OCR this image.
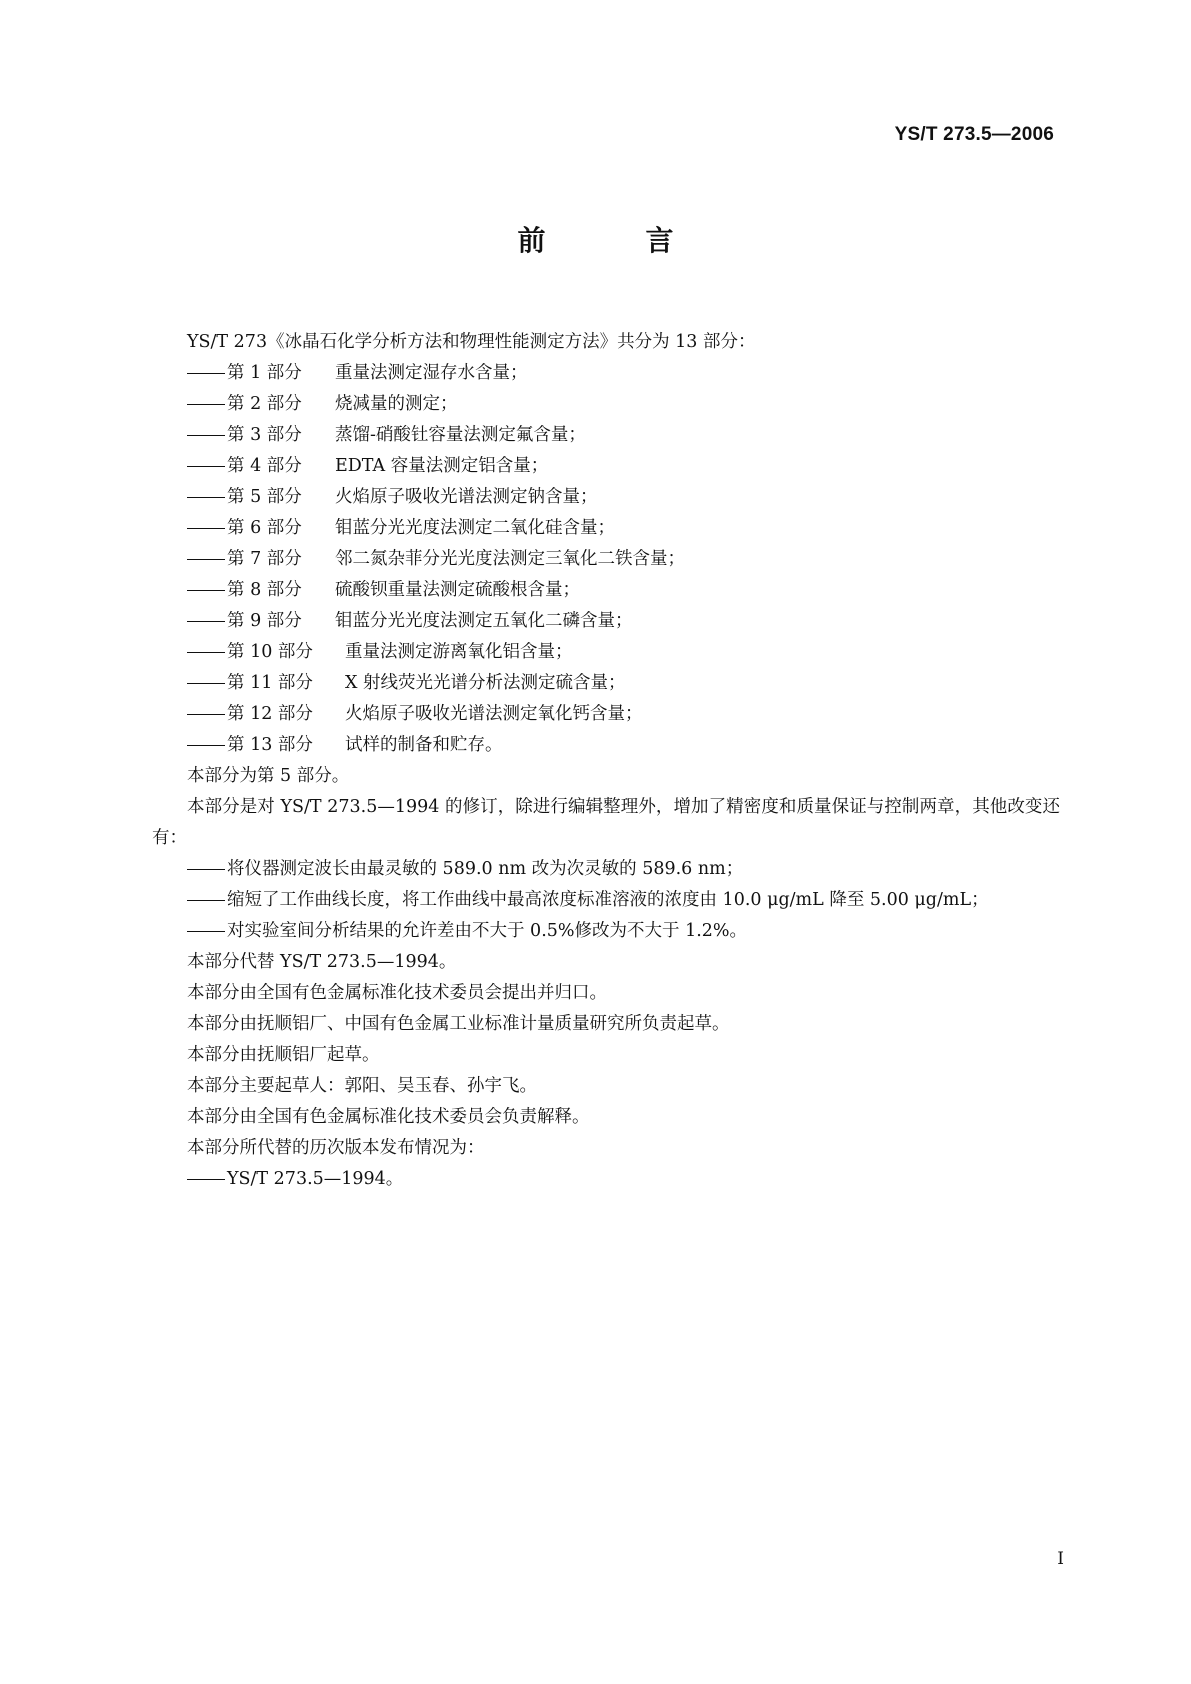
YS/T 273.5—2006
前　言

YS/T 273《冰晶石化学分析方法和物理性能测定方法》共分为 13 部分：

第 1 部分 重量法测定湿存水含量；
第 2 部分 烧减量的测定；
第 3 部分 蒸馏-硝酸钍容量法测定氟含量；
第 4 部分 EDTA 容量法测定铝含量；
第 5 部分 火焰原子吸收光谱法测定钠含量；
第 6 部分 钼蓝分光光度法测定二氧化硅含量；
第 7 部分 邻二氮杂菲分光光度法测定三氧化二铁含量；
第 8 部分 硫酸钡重量法测定硫酸根含量；
第 9 部分 钼蓝分光光度法测定五氧化二磷含量；
第 10 部分 重量法测定游离氧化铝含量；
第 11 部分 X 射线荧光光谱分析法测定硫含量；
第 12 部分 火焰原子吸收光谱法测定氧化钙含量；
第 13 部分 试样的制备和贮存。

本部分为第 5 部分。

本部分是对 YS/T 273.5—1994 的修订，除进行编辑整理外，增加了精密度和质量保证与控制两章，其他改变还有：

将仪器测定波长由最灵敏的 589.0 nm 改为次灵敏的 589.6 nm；

缩短了工作曲线长度，将工作曲线中最高浓度标准溶液的浓度由 10.0 μg/mL 降至 5.00 μg/mL；

对实验室间分析结果的允许差由不大于 0.5%修改为不大于 1.2%。

本部分代替 YS/T 273.5—1994。

本部分由全国有色金属标准化技术委员会提出并归口。

本部分由抚顺铝厂、中国有色金属工业标准计量质量研究所负责起草。

本部分由抚顺铝厂起草。

本部分主要起草人：郭阳、吴玉春、孙宇飞。

本部分由全国有色金属标准化技术委员会负责解释。

本部分所代替的历次版本发布情况为：

YS/T 273.5—1994。

I
